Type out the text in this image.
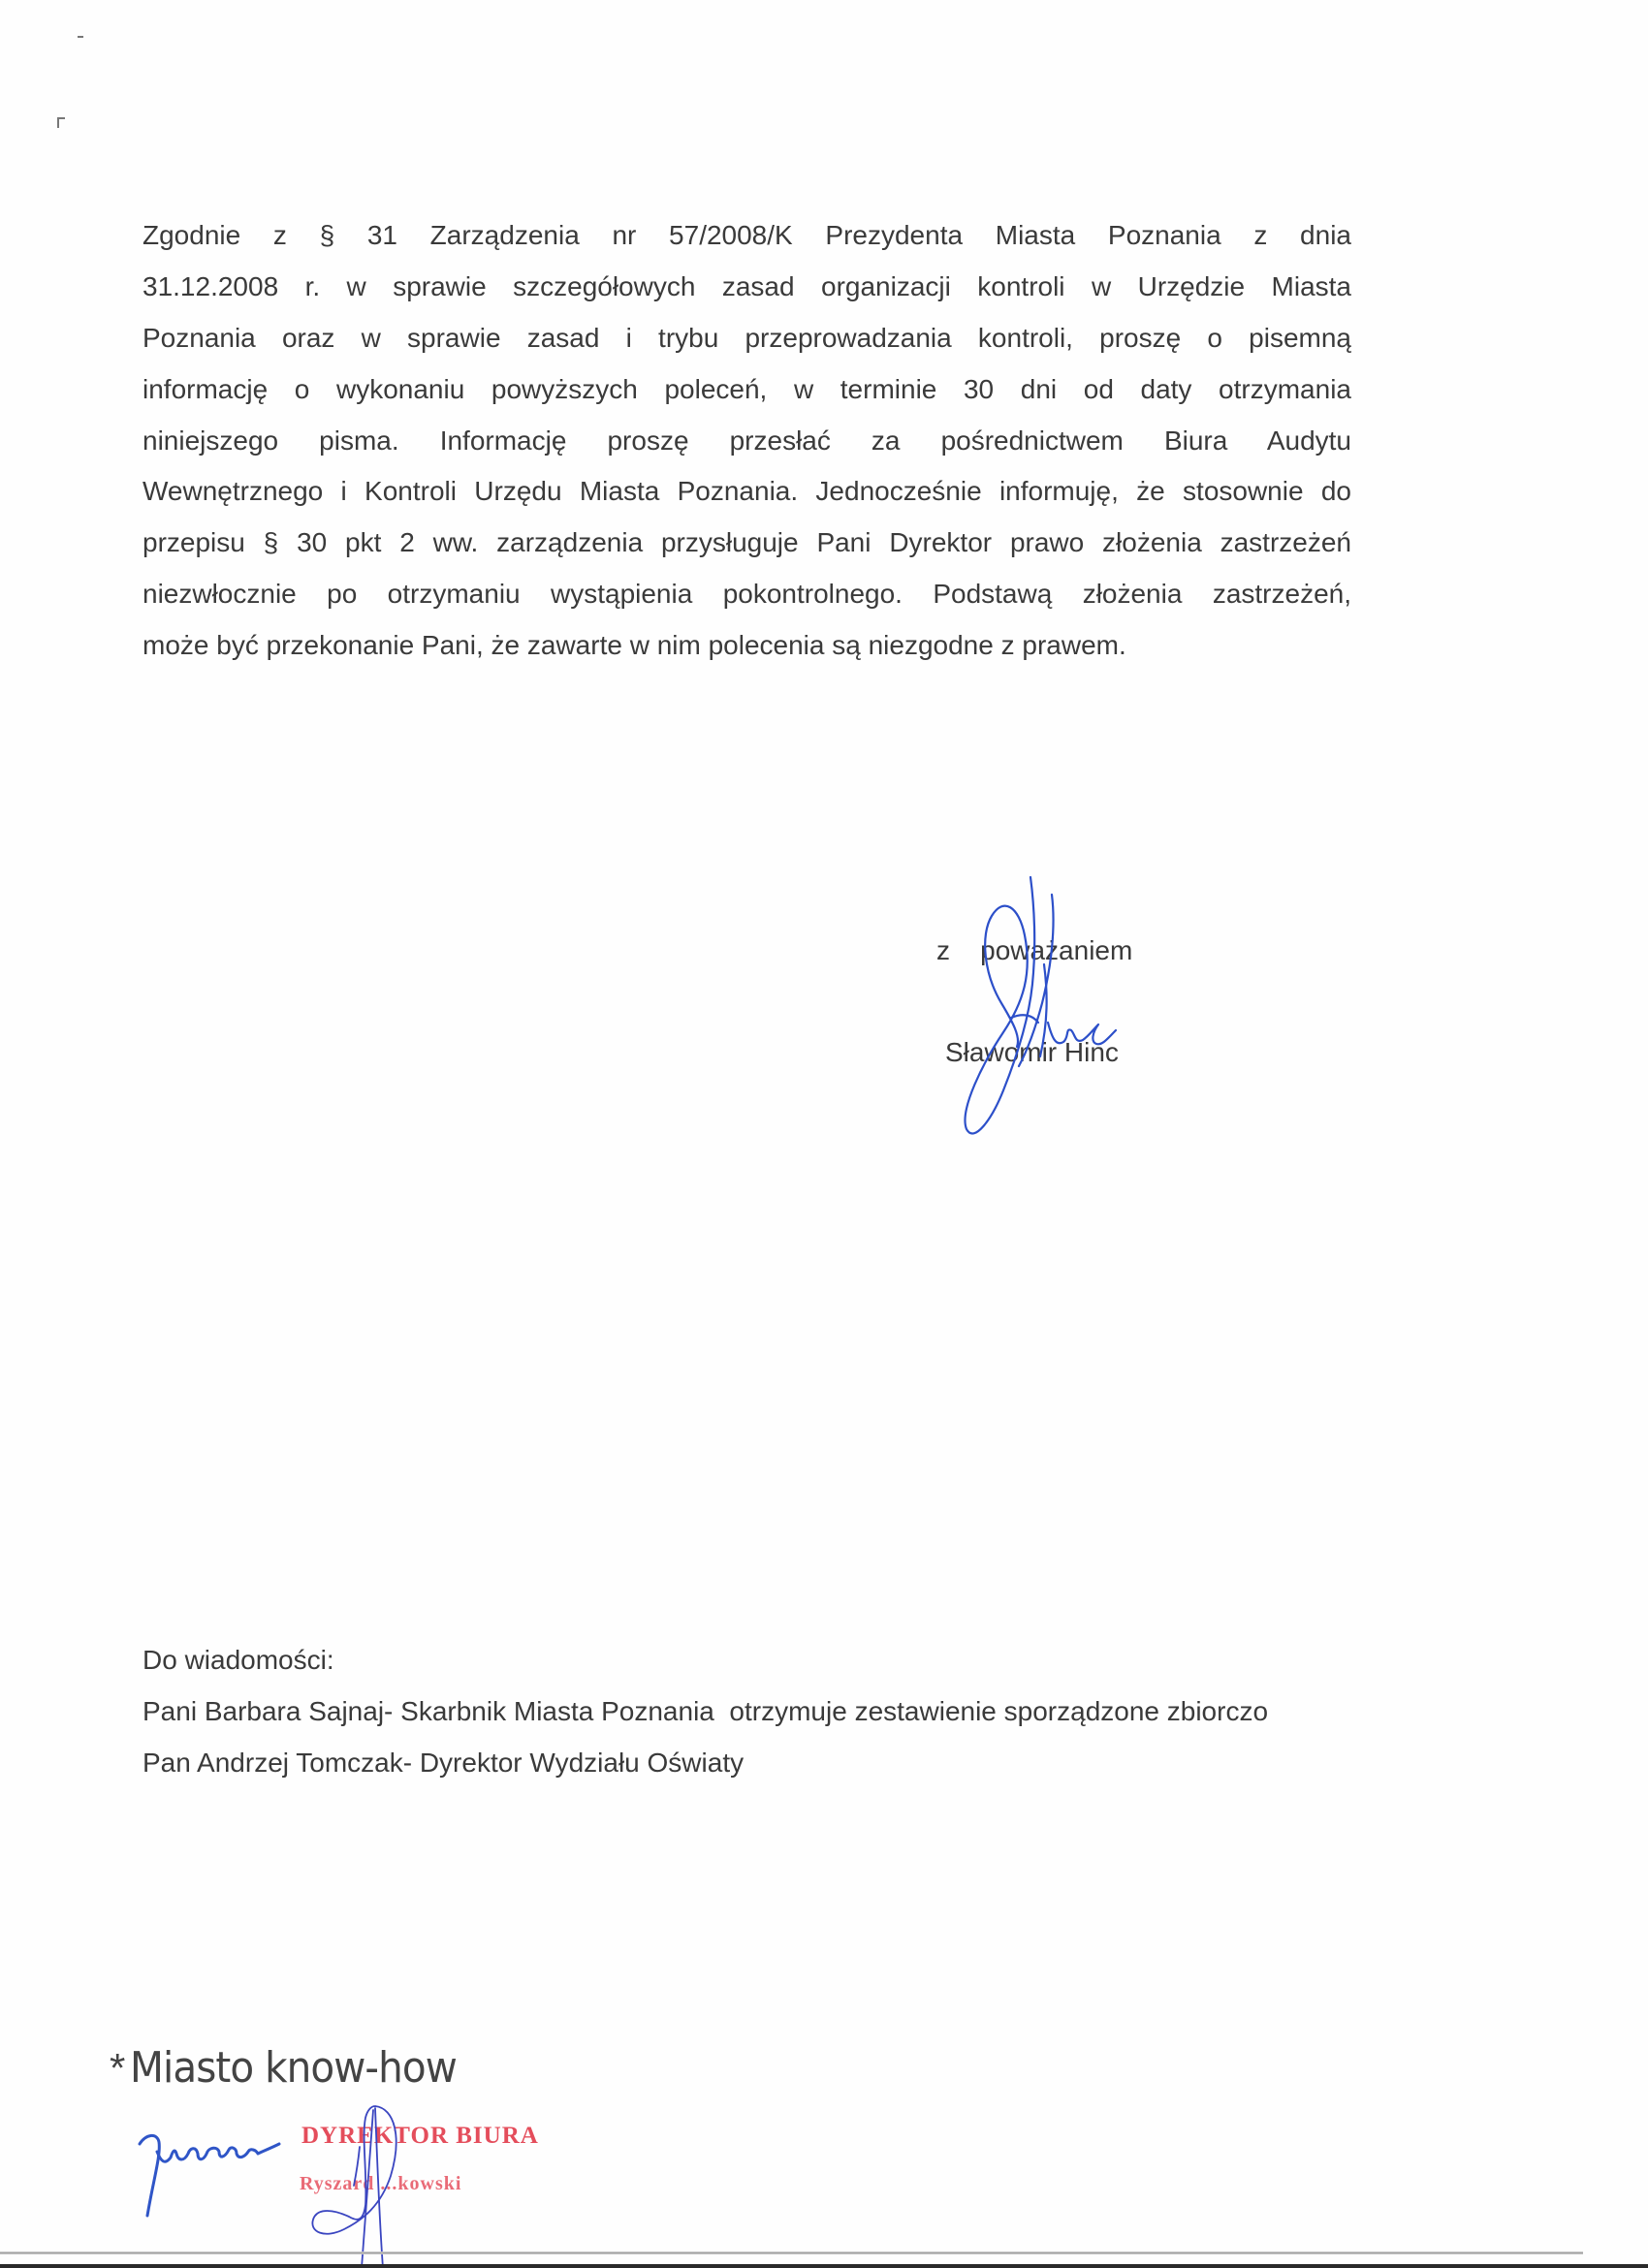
Zgodnie z § 31 Zarządzenia nr 57/2008/K Prezydenta Miasta Poznania z dnia
31.12.2008 r. w sprawie szczegółowych zasad organizacji kontroli w Urzędzie Miasta
Poznania oraz w sprawie zasad i trybu przeprowadzania kontroli, proszę o pisemną
informację o wykonaniu powyższych poleceń, w terminie 30 dni od daty otrzymania
niniejszego pisma. Informację proszę przesłać za pośrednictwem Biura Audytu
Wewnętrznego i Kontroli Urzędu Miasta Poznania. Jednocześnie informuję, że stosownie do
przepisu § 30 pkt 2 ww. zarządzenia przysługuje Pani Dyrektor prawo złożenia zastrzeżeń
niezwłocznie po otrzymaniu wystąpienia pokontrolnego. Podstawą złożenia zastrzeżeń,
może być przekonanie Pani, że zawarte w nim polecenia są niezgodne z prawem.
z    poważaniem
Sławomir Hinc
Do wiadomości:
Pani Barbara Sajnaj- Skarbnik Miasta Poznania  otrzymuje zestawienie sporządzone zbiorczo
Pan Andrzej Tomczak- Dyrektor Wydziału Oświaty
* Miasto know-how
DYREKTOR BIURA
Ryszard ...kowski
